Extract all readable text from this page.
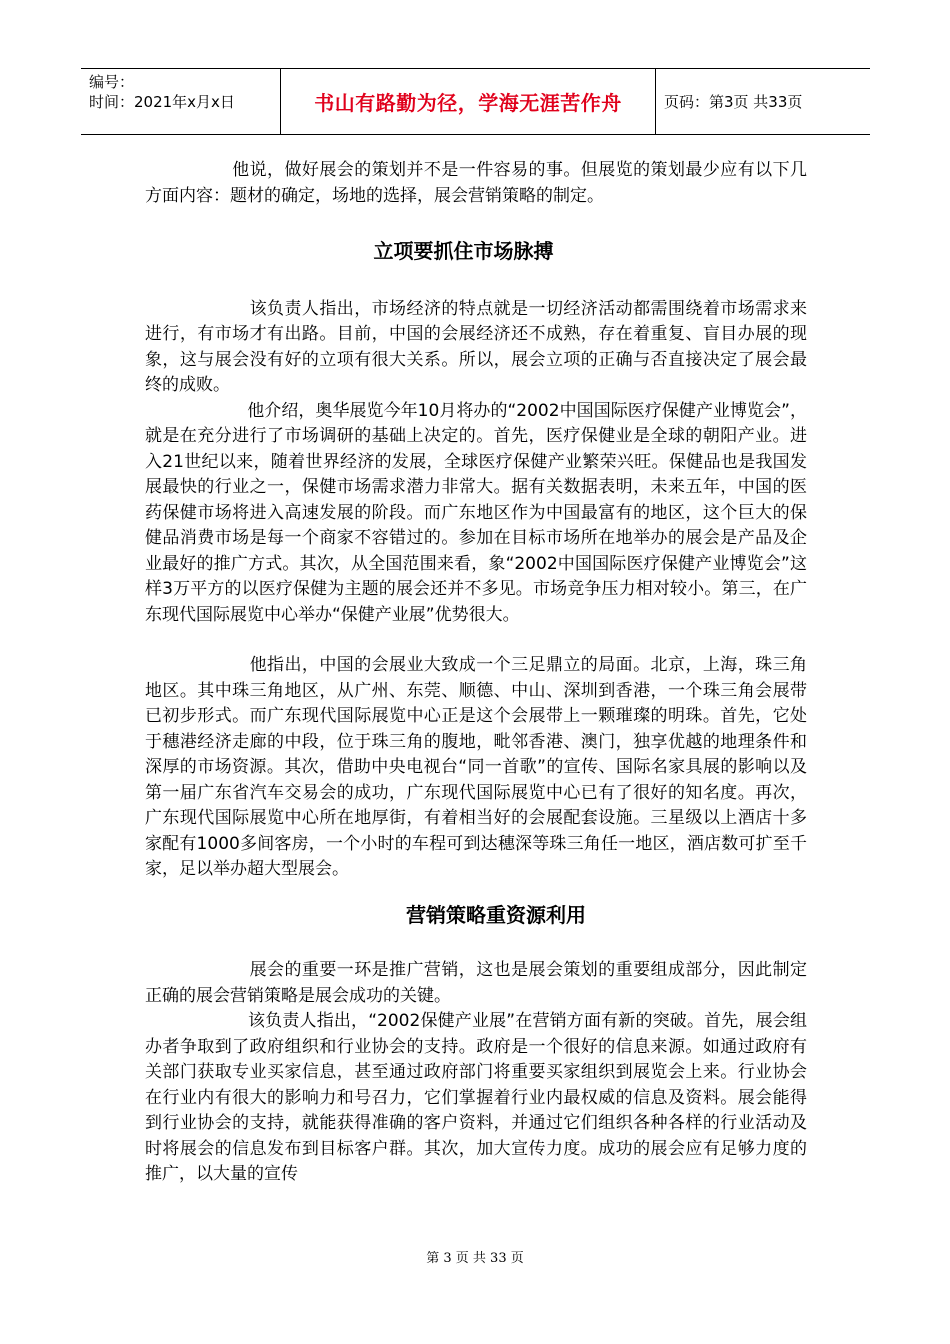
编号：
时间：2021年x月x日	书山有路勤为径，学海无涯苦作舟	页码：第3页 共33页

　　　　　他说，做好展会的策划并不是一件容易的事。但展览的策划最少应有以下几方面内容：题材的确定，场地的选择，展会营销策略的制定。

立项要抓住市场脉搏

　　　　　　该负责人指出，市场经济的特点就是一切经济活动都需围绕着市场需求来进行，有市场才有出路。目前，中国的会展经济还不成熟，存在着重复、盲目办展的现象，这与展会没有好的立项有很大关系。所以，展会立项的正确与否直接决定了展会最终的成败。

　　　　　　他介绍，奥华展览今年10月将办的“2002中国国际医疗保健产业博览会”，就是在充分进行了市场调研的基础上决定的。首先，医疗保健业是全球的朝阳产业。进入21世纪以来，随着世界经济的发展，全球医疗保健产业繁荣兴旺。保健品也是我国发展最快的行业之一，保健市场需求潜力非常大。据有关数据表明，未来五年，中国的医药保健市场将进入高速发展的阶段。而广东地区作为中国最富有的地区，这个巨大的保健品消费市场是每一个商家不容错过的。参加在目标市场所在地举办的展会是产品及企业最好的推广方式。其次，从全国范围来看，象“2002中国国际医疗保健产业博览会”这样3万平方的以医疗保健为主题的展会还并不多见。市场竞争压力相对较小。第三，在广东现代国际展览中心举办“保健产业展”优势很大。

　　　　　　他指出，中国的会展业大致成一个三足鼎立的局面。北京，上海，珠三角地区。其中珠三角地区，从广州、东莞、顺德、中山、深圳到香港，一个珠三角会展带已初步形式。而广东现代国际展览中心正是这个会展带上一颗璀璨的明珠。首先，它处于穗港经济走廊的中段，位于珠三角的腹地，毗邻香港、澳门，独享优越的地理条件和深厚的市场资源。其次，借助中央电视台“同一首歌”的宣传、国际名家具展的影响以及第一届广东省汽车交易会的成功，广东现代国际展览中心已有了很好的知名度。再次，广东现代国际展览中心所在地厚街，有着相当好的会展配套设施。三星级以上酒店十多家配有1000多间客房，一个小时的车程可到达穗深等珠三角任一地区，酒店数可扩至千家，足以举办超大型展会。

营销策略重资源利用

　　　　　　展会的重要一环是推广营销，这也是展会策划的重要组成部分，因此制定正确的展会营销策略是展会成功的关键。

　　　　　　该负责人指出，“2002保健产业展”在营销方面有新的突破。首先，展会组办者争取到了政府组织和行业协会的支持。政府是一个很好的信息来源。如通过政府有关部门获取专业买家信息，甚至通过政府部门将重要买家组织到展览会上来。行业协会在行业内有很大的影响力和号召力，它们掌握着行业内最权威的信息及资料。展会能得到行业协会的支持，就能获得准确的客户资料，并通过它们组织各种各样的行业活动及时将展会的信息发布到目标客户群。其次，加大宣传力度。成功的展会应有足够力度的推广，以大量的宣传

第 3 页 共 33 页
